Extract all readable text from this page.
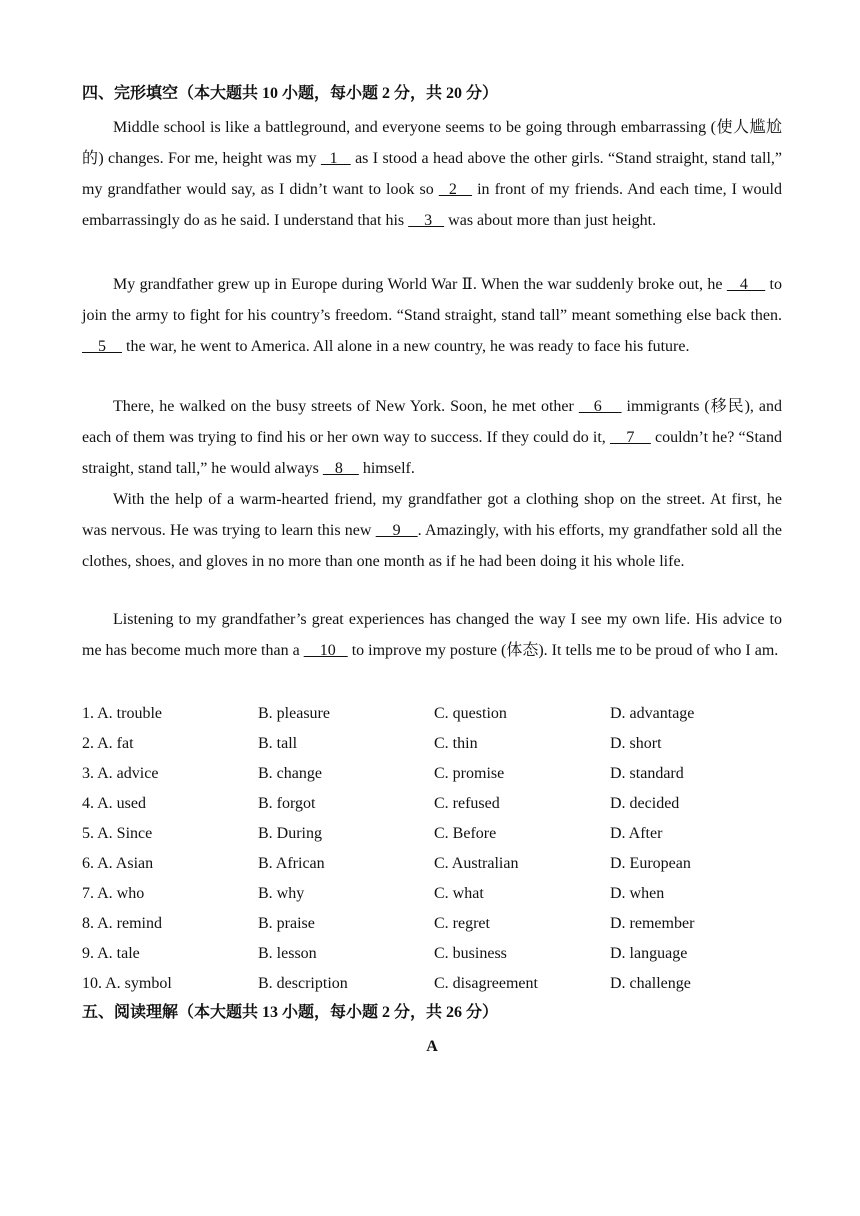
四、完形填空（本大题共 10 小题，每小题 2 分，共 20 分）

Middle school is like a battleground, and everyone seems to be going through embarrassing (使人尴尬的) changes. For me, height was my   1    as I stood a head above the other girls. “Stand straight, stand tall,” my grandfather would say, as I didn’t want to look so   2    in front of my friends. And each time, I would embarrassingly do as he said. I understand that his     3    was about more than just height.

My grandfather grew up in Europe during World War Ⅱ. When the war suddenly broke out, he    4     to join the army to fight for his country’s freedom. “Stand straight, stand tall” meant something else back then.     5     the war, he went to America. All alone in a new country, he was ready to face his future.

There, he walked on the busy streets of New York. Soon, he met other    6     immigrants (移民), and each of them was trying to find his or her own way to success. If they could do it,     7     couldn’t he? “Stand straight, stand tall,” he would always    8     himself.

With the help of a warm-hearted friend, my grandfather got a clothing shop on the street. At first, he was nervous. He was trying to learn this new     9    . Amazingly, with his efforts, my grandfather sold all the clothes, shoes, and gloves in no more than one month as if he had been doing it his whole life.

Listening to my grandfather’s great experiences has changed the way I see my own life. His advice to me has become much more than a     10    to improve my posture (体态). It tells me to be proud of who I am.

1. A. trouble	B. pleasure	C. question	D. advantage
2. A. fat	B. tall	C. thin	D. short
3. A. advice	B. change	C. promise	D. standard
4. A. used	B. forgot	C. refused	D. decided
5. A. Since	B. During	C. Before	D. After
6. A. Asian	B. African	C. Australian	D. European
7. A. who	B. why	C. what	D. when
8. A. remind	B. praise	C. regret	D. remember
9. A. tale	B. lesson	C. business	D. language
10. A. symbol	B. description	C. disagreement	D. challenge
五、阅读理解（本大题共 13 小题，每小题 2 分，共 26 分）
A
